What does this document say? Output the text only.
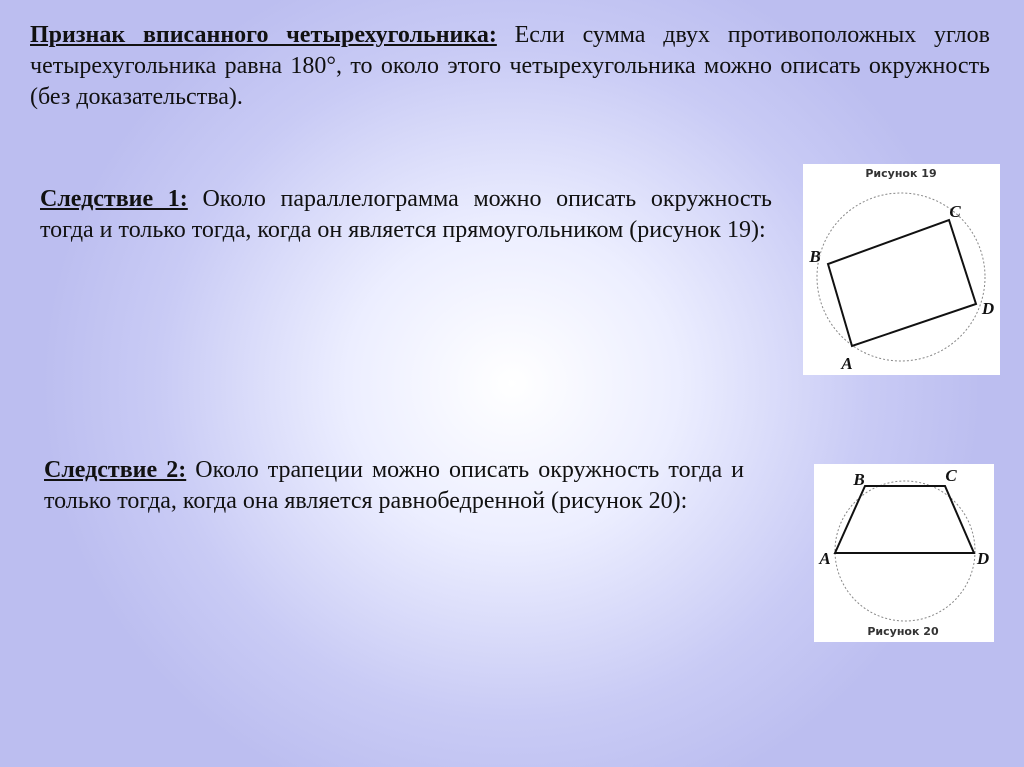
Признак вписанного четырехугольника: Если сумма двух противоположных углов четырехугольника равна 180°, то около этого четырехугольника можно описать окружность (без доказательства).

Следствие 1: Около параллелограмма можно описать окружность тогда и только тогда, когда он является прямоугольником (рисунок 19):

Следствие 2: Около трапеции можно описать окружность тогда и только тогда, когда она является равнобедренной (рисунок 20):

Рисунок 19
A
B
C
D
A
B	C
D
Рисунок 20
